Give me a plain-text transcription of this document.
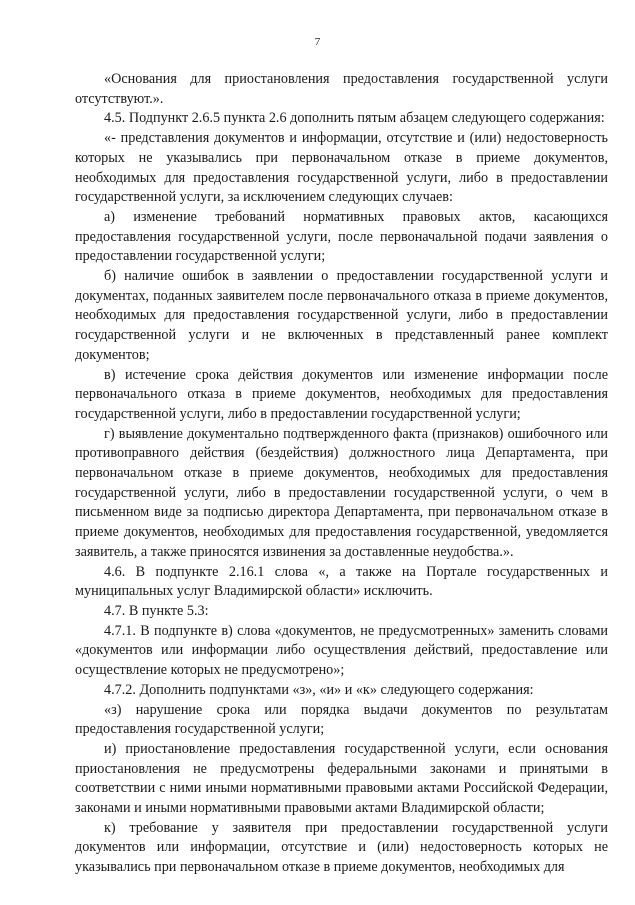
7

«Основания для приостановления предоставления государственной услуги отсутствуют.».

4.5. Подпункт 2.6.5 пункта 2.6 дополнить пятым абзацем следующего содержания:

«- представления документов и информации, отсутствие и (или) недостоверность которых не указывались при первоначальном отказе в приеме документов, необходимых для предоставления государственной услуги, либо в предоставлении государственной услуги, за исключением следующих случаев:

а) изменение требований нормативных правовых актов, касающихся предоставления государственной услуги, после первоначальной подачи заявления о предоставлении государственной услуги;

б) наличие ошибок в заявлении о предоставлении государственной услуги и документах, поданных заявителем после первоначального отказа в приеме документов, необходимых для предоставления государственной услуги, либо в предоставлении государственной услуги и не включенных в представленный ранее комплект документов;

в) истечение срока действия документов или изменение информации после первоначального отказа в приеме документов, необходимых для предоставления государственной услуги, либо в предоставлении государственной услуги;

г) выявление документально подтвержденного факта (признаков) ошибочного или противоправного действия (бездействия) должностного лица Департамента, при первоначальном отказе в приеме документов, необходимых для предоставления государственной услуги, либо в предоставлении государственной услуги, о чем в письменном виде за подписью директора Департамента, при первоначальном отказе в приеме документов, необходимых для предоставления государственной, уведомляется заявитель, а также приносятся извинения за доставленные неудобства.».

4.6. В подпункте 2.16.1 слова «, а также на Портале государственных и муниципальных услуг Владимирской области» исключить.

4.7. В пункте 5.3:

4.7.1. В подпункте в) слова «документов, не предусмотренных» заменить словами «документов или информации либо осуществления действий, предоставление или осуществление которых не предусмотрено»;

4.7.2. Дополнить подпунктами «з», «и» и «к» следующего содержания:

«з) нарушение срока или порядка выдачи документов по результатам предоставления государственной услуги;

и) приостановление предоставления государственной услуги, если основания приостановления не предусмотрены федеральными законами и принятыми в соответствии с ними иными нормативными правовыми актами Российской Федерации, законами и иными нормативными правовыми актами Владимирской области;

к) требование у заявителя при предоставлении государственной услуги документов или информации, отсутствие и (или) недостоверность которых не указывались при первоначальном отказе в приеме документов, необходимых для
